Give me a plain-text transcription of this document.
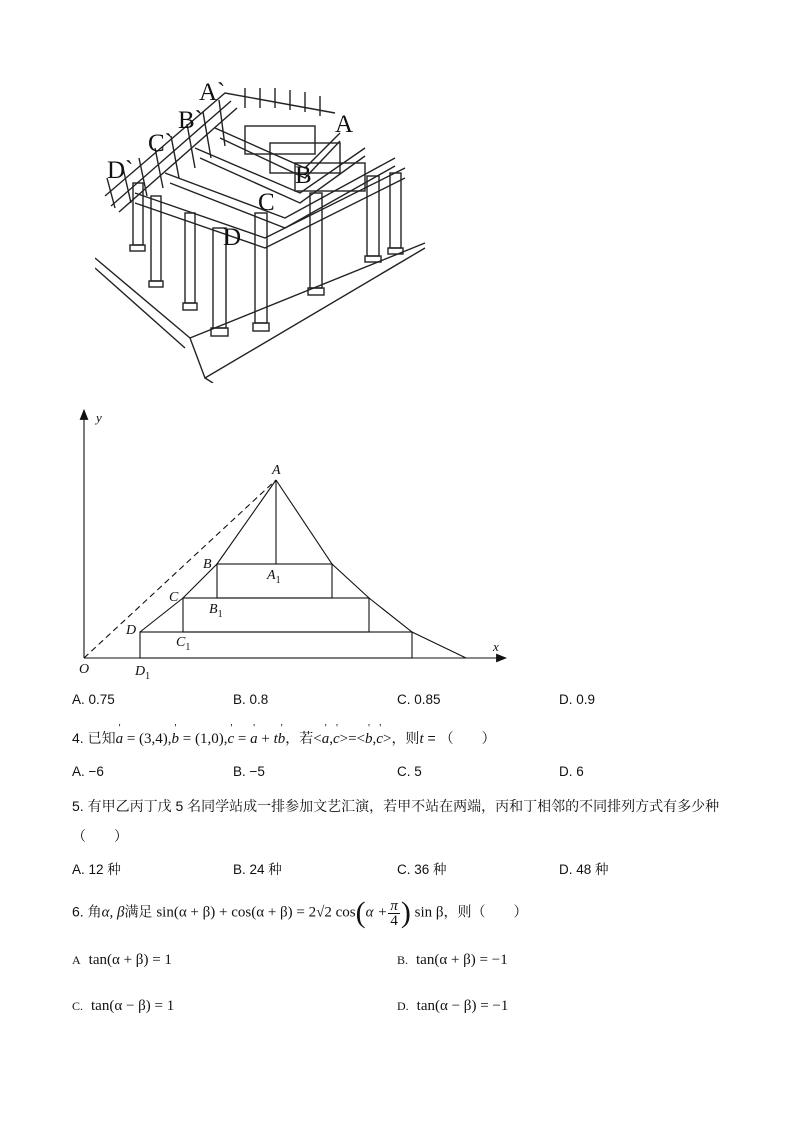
A`
B`
C`
D`
A
B
C
D
y
x
O
A
B
C
D
$A_1$
$B_1$
$C_1$
$D_1$
A. 0.75	B. 0.8	C. 0.85	D. 0.9
4. 已知' a = (3,4),' b = (1,0),' c = ' a + t' b，若<' a,' c>=<' b,' c>，则t = （　　）
A. −6	B. −5	C. 5	D. 6
5. 有甲乙丙丁戊 5 名同学站成一排参加文艺汇演，若甲不站在两端，丙和丁相邻的不同排列方式有多少种
（　　）
A. 12 种	B. 24 种	C. 36 种	D. 48 种
6. 角α, β满足 sin(α + β) + cos(α + β) = 2√2 $\cos(\alpha + \frac{\pi}{4}$ ) sin β，则（　　）
A tan(α + β) = 1	B. tan(α + β) = −1
C. tan(α − β) = 1	D. tan(α − β) = −1
